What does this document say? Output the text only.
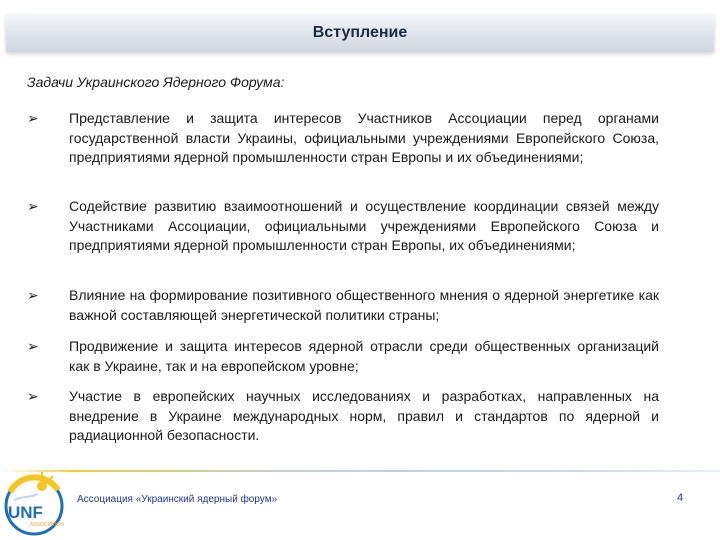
Вступление
Задачи Украинского Ядерного Форума:
➢ Представление и защита интересов Участников Ассоциации перед органами государственной власти Украины, официальными учреждениями Европейского Союза, предприятиями ядерной промышленности стран Европы и их объединениями;
➢ Содействие развитию взаимоотношений и осуществление координации связей между Участниками Ассоциации, официальными учреждениями Европейского Союза и предприятиями ядерной промышленности стран Европы, их объединениями;
➢ Влияние на формирование позитивного общественного мнения о ядерной энергетике как важной составляющей энергетической политики страны;
➢ Продвижение и защита интересов ядерной отрасли среди общественных организаций как в Украине, так и на европейском уровне;
➢ Участие в европейских научных исследованиях и разработках, направленных на внедрение в Украине международных норм, правил и стандартов по ядерной и радиационной безопасности.
UNF
ASSOCIATION
Ассоциация «Украинский ядерный форум»	4
